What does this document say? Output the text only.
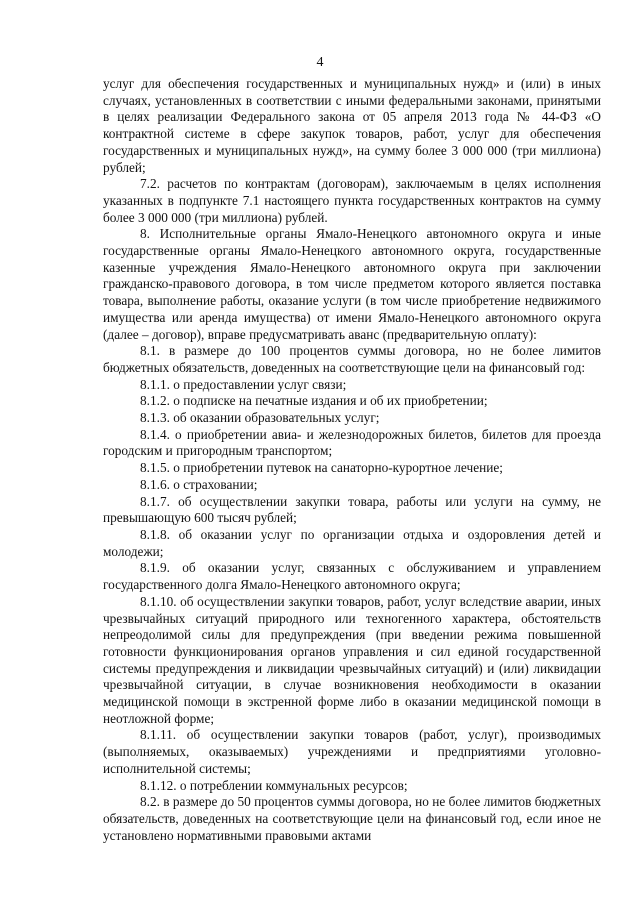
4

услуг для обеспечения государственных и муниципальных нужд» и (или) в иных случаях, установленных в соответствии с иными федеральными законами, принятыми в целях реализации Федерального закона от 05 апреля 2013 года № 44-ФЗ «О контрактной системе в сфере закупок товаров, работ, услуг для обеспечения государственных и муниципальных нужд», на сумму более 3 000 000 (три миллиона) рублей;

7.2. расчетов по контрактам (договорам), заключаемым в целях исполнения указанных в подпункте 7.1 настоящего пункта государственных контрактов на сумму более 3 000 000 (три миллиона) рублей.

8. Исполнительные органы Ямало-Ненецкого автономного округа и иные государственные органы Ямало-Ненецкого автономного округа, государственные казенные учреждения Ямало-Ненецкого автономного округа при заключении гражданско-правового договора, в том числе предметом которого является поставка товара, выполнение работы, оказание услуги (в том числе приобретение недвижимого имущества или аренда имущества) от имени Ямало-Ненецкого автономного округа (далее – договор), вправе предусматривать аванс (предварительную оплату):

8.1. в размере до 100 процентов суммы договора, но не более лимитов бюджетных обязательств, доведенных на соответствующие цели на финансовый год:

8.1.1. о предоставлении услуг связи;

8.1.2. о подписке на печатные издания и об их приобретении;

8.1.3. об оказании образовательных услуг;

8.1.4. о приобретении авиа- и железнодорожных билетов, билетов для проезда городским и пригородным транспортом;

8.1.5. о приобретении путевок на санаторно-курортное лечение;

8.1.6. о страховании;

8.1.7. об осуществлении закупки товара, работы или услуги на сумму, не превышающую 600 тысяч рублей;

8.1.8. об оказании услуг по организации отдыха и оздоровления детей и молодежи;

8.1.9. об оказании услуг, связанных с обслуживанием и управлением государственного долга Ямало-Ненецкого автономного округа;

8.1.10. об осуществлении закупки товаров, работ, услуг вследствие аварии, иных чрезвычайных ситуаций природного или техногенного характера, обстоятельств непреодолимой силы для предупреждения (при введении режима повышенной готовности функционирования органов управления и сил единой государственной системы предупреждения и ликвидации чрезвычайных ситуаций) и (или) ликвидации чрезвычайной ситуации, в случае возникновения необходимости в оказании медицинской помощи в экстренной форме либо в оказании медицинской помощи в неотложной форме;

8.1.11. об осуществлении закупки товаров (работ, услуг), производимых (выполняемых, оказываемых) учреждениями и предприятиями уголовно-исполнительной системы;

8.1.12. о потреблении коммунальных ресурсов;

8.2. в размере до 50 процентов суммы договора, но не более лимитов бюджетных обязательств, доведенных на соответствующие цели на финансовый год, если иное не установлено нормативными правовыми актами
